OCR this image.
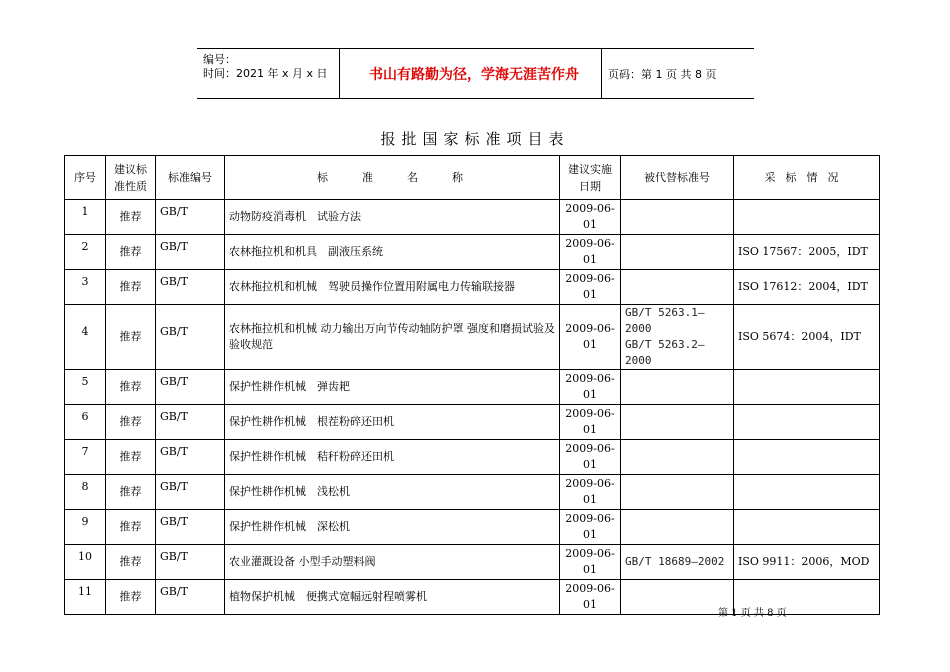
编号：
时间：2021 年 x 月 x 日	书山有路勤为径，学海无涯苦作舟	页码：第 1 页 共 8 页
报批国家标准项目表
序号	建议标准性质	标准编号	标准名称	建议实施日期	被代替标准号	采标情况

1	推荐	GB/T	动物防疫消毒机　试验方法	2009-06-01		

2	推荐	GB/T	农林拖拉机和机具　副液压系统	2009-06-01		ISO 17567：2005，IDT

3	推荐	GB/T	农林拖拉机和机械　驾驶员操作位置用附属电力传输联接器	2009-06-01		ISO 17612：2004，IDT

4	推荐	GB/T	农林拖拉机和机械 动力输出万向节传动轴防护罩 强度和磨损试验及验收规范	2009-06-01	GB/T 5263.1—2000
GB/T 5263.2—2000	ISO 5674：2004，IDT

5	推荐	GB/T	保护性耕作机械　弹齿耙	2009-06-01		

6	推荐	GB/T	保护性耕作机械　根茬粉碎还田机	2009-06-01		

7	推荐	GB/T	保护性耕作机械　秸秆粉碎还田机	2009-06-01		

8	推荐	GB/T	保护性耕作机械　浅松机	2009-06-01		

9	推荐	GB/T	保护性耕作机械　深松机	2009-06-01		

10	推荐	GB/T	农业灌溉设备 小型手动塑料阀	2009-06-01	GB/T 18689—2002	ISO 9911：2006，MOD

11	推荐	GB/T	植物保护机械　便携式宽幅远射程喷雾机	2009-06-01		

第 1 页 共 8 页
